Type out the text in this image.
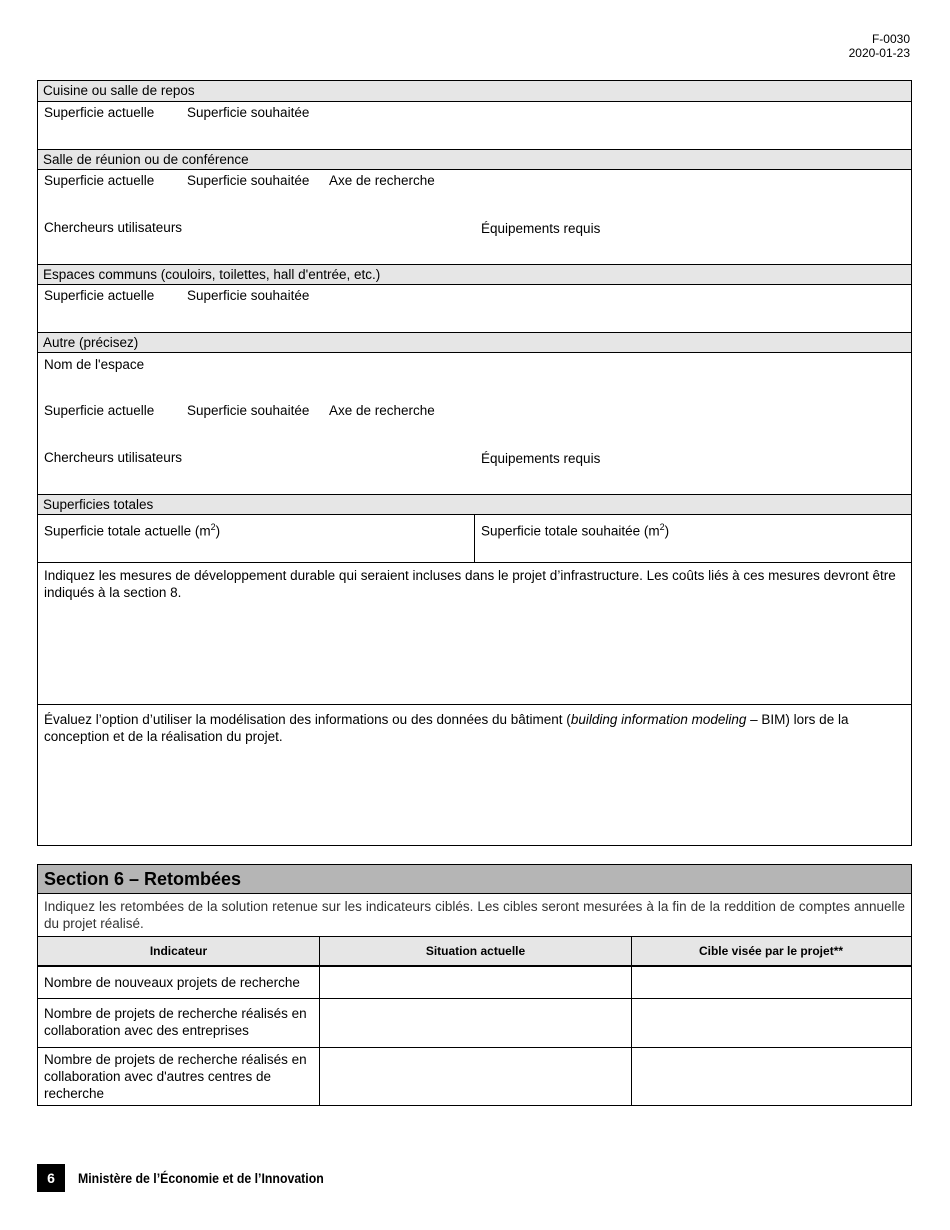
F-0030
2020-01-23
Cuisine ou salle de repos
Superficie actuelle Superficie souhaitée
Salle de réunion ou de conférence
Superficie actuelle Superficie souhaitée Axe de recherche
Chercheurs utilisateurs	Équipements requis
Espaces communs (couloirs, toilettes, hall d'entrée, etc.)
Superficie actuelle Superficie souhaitée
Autre (précisez)
Nom de l'espace
Superficie actuelle Superficie souhaitée Axe de recherche
Chercheurs utilisateurs	Équipements requis
Superficies totales
Superficie totale actuelle $(m^2)$	Superficie totale souhaitée $(m^2)$
Indiquez les mesures de développement durable qui seraient incluses dans le projet d’infrastructure. Les coûts liés à ces mesures devront être indiqués à la section 8.
Évaluez l’option d’utiliser la modélisation des informations ou des données du bâtiment (building information modeling – BIM) lors de la conception et de la réalisation du projet.
Section 6 – Retombées
Indiquez les retombées de la solution retenue sur les indicateurs ciblés. Les cibles seront mesurées à la fin de la reddition de comptes annuelle du projet réalisé.
Indicateur	Situation actuelle	Cible visée par le projet**
Nombre de nouveaux projets de recherche
Nombre de projets de recherche réalisés en collaboration avec des entreprises
Nombre de projets de recherche réalisés en collaboration avec d'autres centres de recherche
6	Ministère de l’Économie et de l’Innovation
